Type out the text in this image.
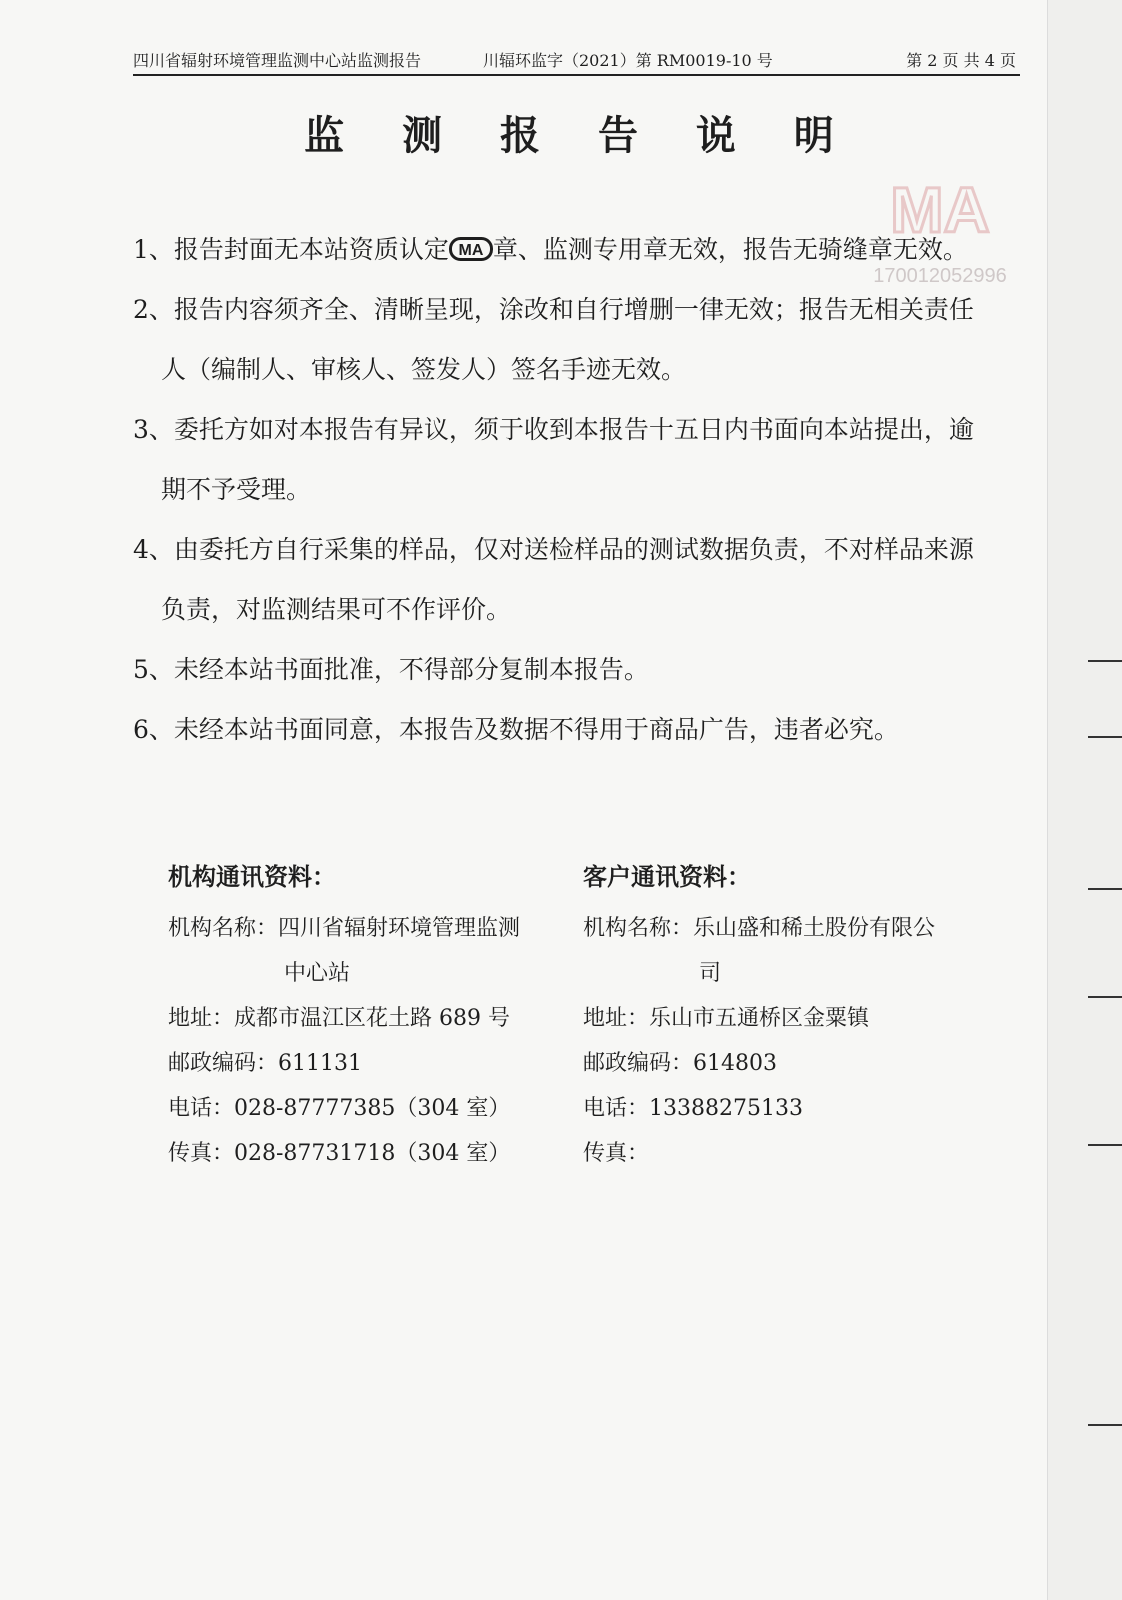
MA
170012052996
四川省辐射环境管理监测中心站监测报告	川辐环监字（2021）第 RM0019-10 号	第 2 页 共 4 页
监 测 报 告 说 明
1、报告封面无本站资质认定 MA 章、监测专用章无效，报告无骑缝章无效。
2、报告内容须齐全、清晰呈现，涂改和自行增删一律无效；报告无相关责任
人（编制人、审核人、签发人）签名手迹无效。
3、委托方如对本报告有异议，须于收到本报告十五日内书面向本站提出，逾
期不予受理。
4、由委托方自行采集的样品，仅对送检样品的测试数据负责，不对样品来源
负责，对监测结果可不作评价。
5、未经本站书面批准，不得部分复制本报告。
6、未经本站书面同意，本报告及数据不得用于商品广告，违者必究。
机构通讯资料：
机构名称：四川省辐射环境管理监测
中心站
地址：成都市温江区花土路 689 号
邮政编码：611131
电话：028-87777385（304 室）
传真：028-87731718（304 室）
客户通讯资料：
机构名称：乐山盛和稀土股份有限公
司
地址：乐山市五通桥区金粟镇
邮政编码：614803
电话：13388275133
传真：
